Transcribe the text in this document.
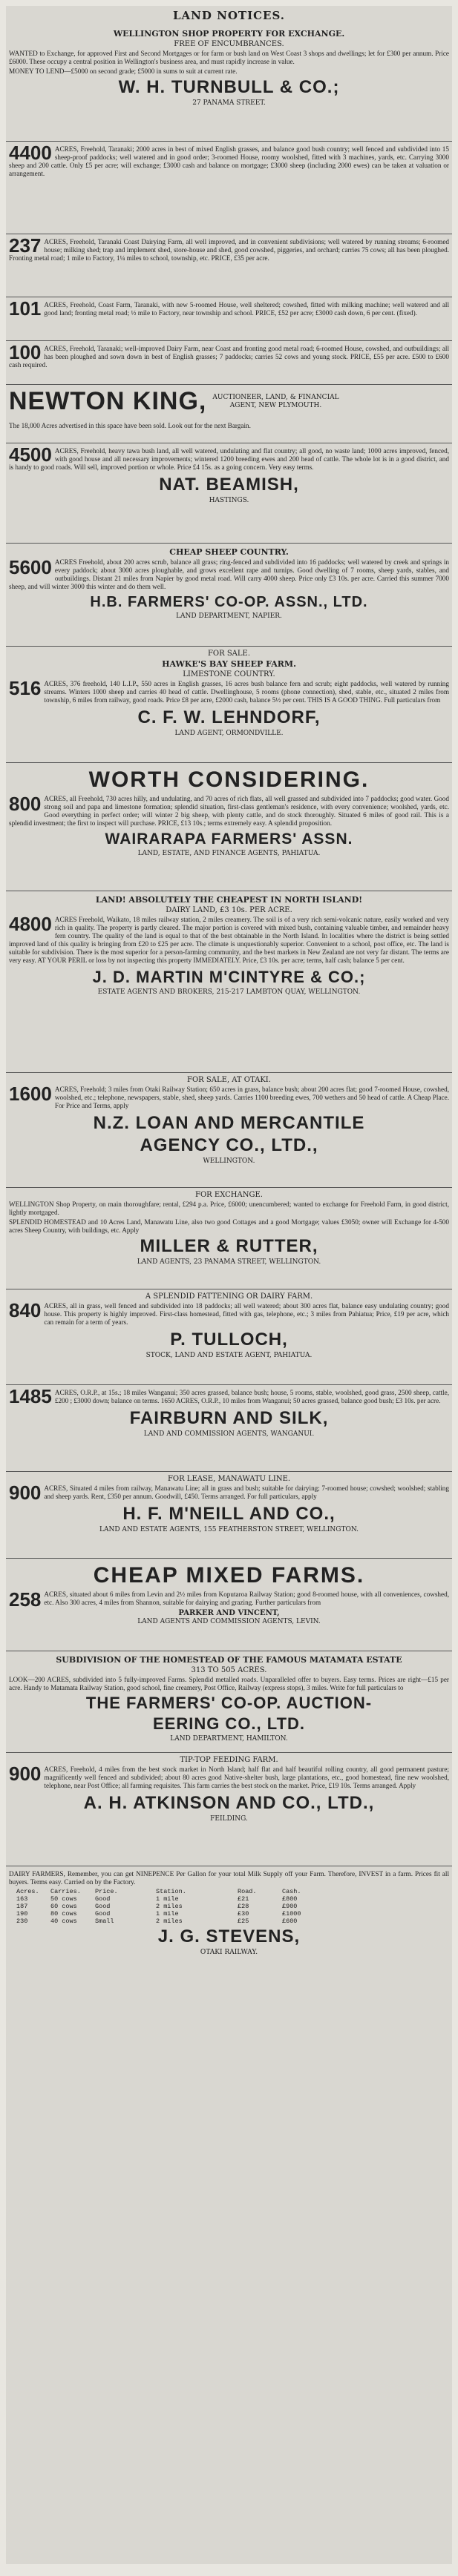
LAND NOTICES.
WELLINGTON SHOP PROPERTY FOR EXCHANGE.
FREE OF ENCUMBRANCES.
WANTED to Exchange, for approved First and Second Mortgages or for farm or bush land on West Coast 3 shops and dwellings; let for £300 per annum. Price £6000. These occupy a central position in Wellington's business area, and must rapidly increase in value.
MONEY TO LEND—£5000 on second grade; £5000 in sums to suit at current rate.
W. H. TURNBULL & CO.;
27 PANAMA STREET.
4400 ACRES, Freehold, Taranaki; 2000 acres in best of mixed English grasses, and balance good bush country; well fenced and subdivided into 15 sheep-proof paddocks; well watered and in good order; 3-roomed House, roomy woolshed, fitted with 3 machines, yards, etc. Carrying 3000 sheep and 200 cattle. Only £5 per acre; will exchange; £3000 cash and balance on mortgage; £3000 sheep (including 2000 ewes) can be taken at valuation or arrangement.
237 ACRES, Freehold, Taranaki Coast Dairying Farm, all well improved, and in convenient subdivisions; well watered by running streams; 6-roomed house; milking shed; trap and implement shed, store-house and shed, good cowshed, piggeries, and orchard; carries 75 cows; all has been ploughed. Fronting metal road; 1 mile to Factory, 1¼ miles to school, township, etc. PRICE, £35 per acre.
101 ACRES, Freehold, Coast Farm, Taranaki, with new 5-roomed House, well sheltered; cowshed, fitted with milking machine; well watered and all good land; fronting metal road; ½ mile to Factory, near township and school. PRICE, £52 per acre; £3000 cash down, 6 per cent. (fixed).
100 ACRES, Freehold, Taranaki; well-improved Dairy Farm, near Coast and fronting good metal road; 6-roomed House, cowshed, and outbuildings; all has been ploughed and sown down in best of English grasses; 7 paddocks; carries 52 cows and young stock. PRICE, £55 per acre. £500 to £600 cash required.
NEWTON KING, AUCTIONEER, LAND, & FINANCIAL
AGENT, NEW PLYMOUTH.
The 18,000 Acres advertised in this space have been sold. Look out for the next Bargain.
4500 ACRES, Freehold, heavy tawa bush land, all well watered, undulating and flat country; all good, no waste land; 1000 acres improved, fenced, with good house and all necessary improvements; wintered 1200 breeding ewes and 200 head of cattle. The whole lot is in a good district, and is handy to good roads. Will sell, improved portion or whole. Price £4 15s. as a going concern. Very easy terms.
NAT. BEAMISH,
HASTINGS.
CHEAP SHEEP COUNTRY.
5600 ACRES Freehold, about 200 acres scrub, balance all grass; ring-fenced and subdivided into 16 paddocks; well watered by creek and springs in every paddock; about 3000 acres ploughable, and grows excellent rape and turnips. Good dwelling of 7 rooms, sheep yards, stables, and outbuildings. Distant 21 miles from Napier by good metal road. Will carry 4000 sheep. Price only £3 10s. per acre. Carried this summer 7000 sheep, and will winter 3000 this winter and do them well.
H.B. FARMERS' CO-OP. ASSN., LTD.
LAND DEPARTMENT, NAPIER.
FOR SALE.
HAWKE'S BAY SHEEP FARM.
LIMESTONE COUNTRY.
516 ACRES, 376 freehold, 140 L.I.P., 550 acres in English grasses, 16 acres bush balance fern and scrub; eight paddocks, well watered by running streams. Winters 1000 sheep and carries 40 head of cattle. Dwellinghouse, 5 rooms (phone connection), shed, stable, etc., situated 2 miles from township, 6 miles from railway, good roads. Price £8 per acre, £2000 cash, balance 5½ per cent. THIS IS A GOOD THING. Full particulars from
C. F. W. LEHNDORF,
LAND AGENT, ORMONDVILLE.
WORTH CONSIDERING.
800 ACRES, all Freehold, 730 acres hilly, and undulating, and 70 acres of rich flats, all well grassed and subdivided into 7 paddocks; good water. Good strong soil and papa and limestone formation; splendid situation, first-class gentleman's residence, with every convenience; woolshed, yards, etc. Good everything in perfect order; will winter 2 big sheep, with plenty cattle, and do stock thoroughly. Situated 6 miles of good rail. This is a splendid investment; the first to inspect will purchase. PRICE, £13 10s.; terms extremely easy. A splendid proposition.
WAIRARAPA FARMERS' ASSN.
LAND, ESTATE, AND FINANCE AGENTS, PAHIATUA.
LAND! ABSOLUTELY THE CHEAPEST IN NORTH ISLAND!
DAIRY LAND, £3 10s. PER ACRE.
4800 ACRES Freehold, Waikato, 18 miles railway station, 2 miles creamery. The soil is of a very rich semi-volcanic nature, easily worked and very rich in quality. The property is partly cleared. The major portion is covered with mixed bush, containing valuable timber, and remainder heavy fern country. The quality of the land is equal to that of the best obtainable in the North Island. In localities where the district is being settled improved land of this quality is bringing from £20 to £25 per acre. The climate is unquestionably superior. Convenient to a school, post office, etc. The land is suitable for subdivision. There is the most superior for a person-farming community, and the best markets in New Zealand are not very far distant. The terms are very easy. AT YOUR PERIL or loss by not inspecting this property IMMEDIATELY. Price, £3 10s. per acre; terms, half cash; balance 5 per cent.
J. D. MARTIN M'CINTYRE & CO.;
ESTATE AGENTS AND BROKERS, 215-217 LAMBTON QUAY, WELLINGTON.
FOR SALE, AT OTAKI.
1600 ACRES, Freehold; 3 miles from Otaki Railway Station; 650 acres in grass, balance bush; about 200 acres flat; good 7-roomed House, cowshed, woolshed, etc.; telephone, newspapers, stable, shed, sheep yards. Carries 1100 breeding ewes, 700 wethers and 50 head of cattle. A Cheap Place. For Price and Terms, apply
N.Z. LOAN AND MERCANTILE
AGENCY CO., LTD.,
WELLINGTON.
FOR EXCHANGE.
WELLINGTON Shop Property, on main thoroughfare; rental, £294 p.a. Price, £6000; unencumbered; wanted to exchange for Freehold Farm, in good district, lightly mortgaged.
SPLENDID HOMESTEAD and 10 Acres Land, Manawatu Line, also two good Cottages and a good Mortgage; values £3050; owner will Exchange for 4-500 acres Sheep Country, with buildings, etc. Apply
MILLER & RUTTER,
LAND AGENTS, 23 PANAMA STREET, WELLINGTON.
A SPLENDID FATTENING OR DAIRY FARM.
840 ACRES, all in grass, well fenced and subdivided into 18 paddocks; all well watered; about 300 acres flat, balance easy undulating country; good house. This property is highly improved. First-class homestead, fitted with gas, telephone, etc.; 3 miles from Pahiatua; Price, £19 per acre, which can remain for a term of years.
P. TULLOCH,
STOCK, LAND AND ESTATE AGENT, PAHIATUA.
1485 ACRES, O.R.P., at 15s.; 18 miles Wanganui; 350 acres grassed, balance bush; house, 5 rooms, stable, woolshed, good grass, 2500 sheep, cattle, £200 ; £3000 down; balance on terms. 1650 ACRES, O.R.P., 10 miles from Wanganui; 50 acres grassed, balance good bush; £3 10s. per acre.
FAIRBURN AND SILK,
LAND AND COMMISSION AGENTS, WANGANUI.
FOR LEASE, MANAWATU LINE.
900 ACRES, Situated 4 miles from railway, Manawatu Line; all in grass and bush; suitable for dairying; 7-roomed house; cowshed; woolshed; stabling and sheep yards. Rent, £350 per annum. Goodwill, £450. Terms arranged. For full particulars, apply
H. F. M'NEILL AND CO.,
LAND AND ESTATE AGENTS, 155 FEATHERSTON STREET, WELLINGTON.
CHEAP MIXED FARMS.
258 ACRES, situated about 6 miles from Levin and 2½ miles from Koputaroa Railway Station; good 8-roomed house, with all conveniences, cowshed, etc. Also 300 acres, 4 miles from Shannon, suitable for dairying and grazing. Further particulars from
PARKER AND VINCENT,
LAND AGENTS AND COMMISSION AGENTS, LEVIN.
SUBDIVISION OF THE HOMESTEAD OF THE FAMOUS MATAMATA ESTATE
313 TO 505 ACRES.
LOOK—200 ACRES, subdivided into 5 fully-improved Farms. Splendid metalled roads. Unparalleled offer to buyers. Easy terms. Prices are right—£15 per acre. Handy to Matamata Railway Station, good school, fine creamery, Post Office, Railway (express stops), 3 miles. Write for full particulars to
THE FARMERS' CO-OP. AUCTION-
EERING CO., LTD.
LAND DEPARTMENT, HAMILTON.
TIP-TOP FEEDING FARM.
900 ACRES, Freehold, 4 miles from the best stock market in North Island; half flat and half beautiful rolling country, all good permanent pasture; magnificently well fenced and subdivided; about 80 acres good Native-shelter bush, large plantations, etc., good homestead, fine new woolshed, telephone, near Post Office; all farming requisites. This farm carries the best stock on the market. Price, £19 10s. Terms arranged. Apply
A. H. ATKINSON AND CO., LTD.,
FEILDING.
DAIRY FARMERS, Remember, you can get NINEPENCE Per Gallon for your total Milk Supply off your Farm. Therefore, INVEST in a farm. Prices fit all buyers. Terms easy. Carried on by the Factory.
Acres. Carries. Price.	Station.	Road.	Cash.
163	50 cows	Good	1 mile	£21	£800
187	60 cows	Good	2 miles	£28	£900
190	80 cows	Good	1 mile	£30	£1000
230	40 cows	Small	2 miles	£25	£600
J. G. STEVENS,
OTAKI RAILWAY.
